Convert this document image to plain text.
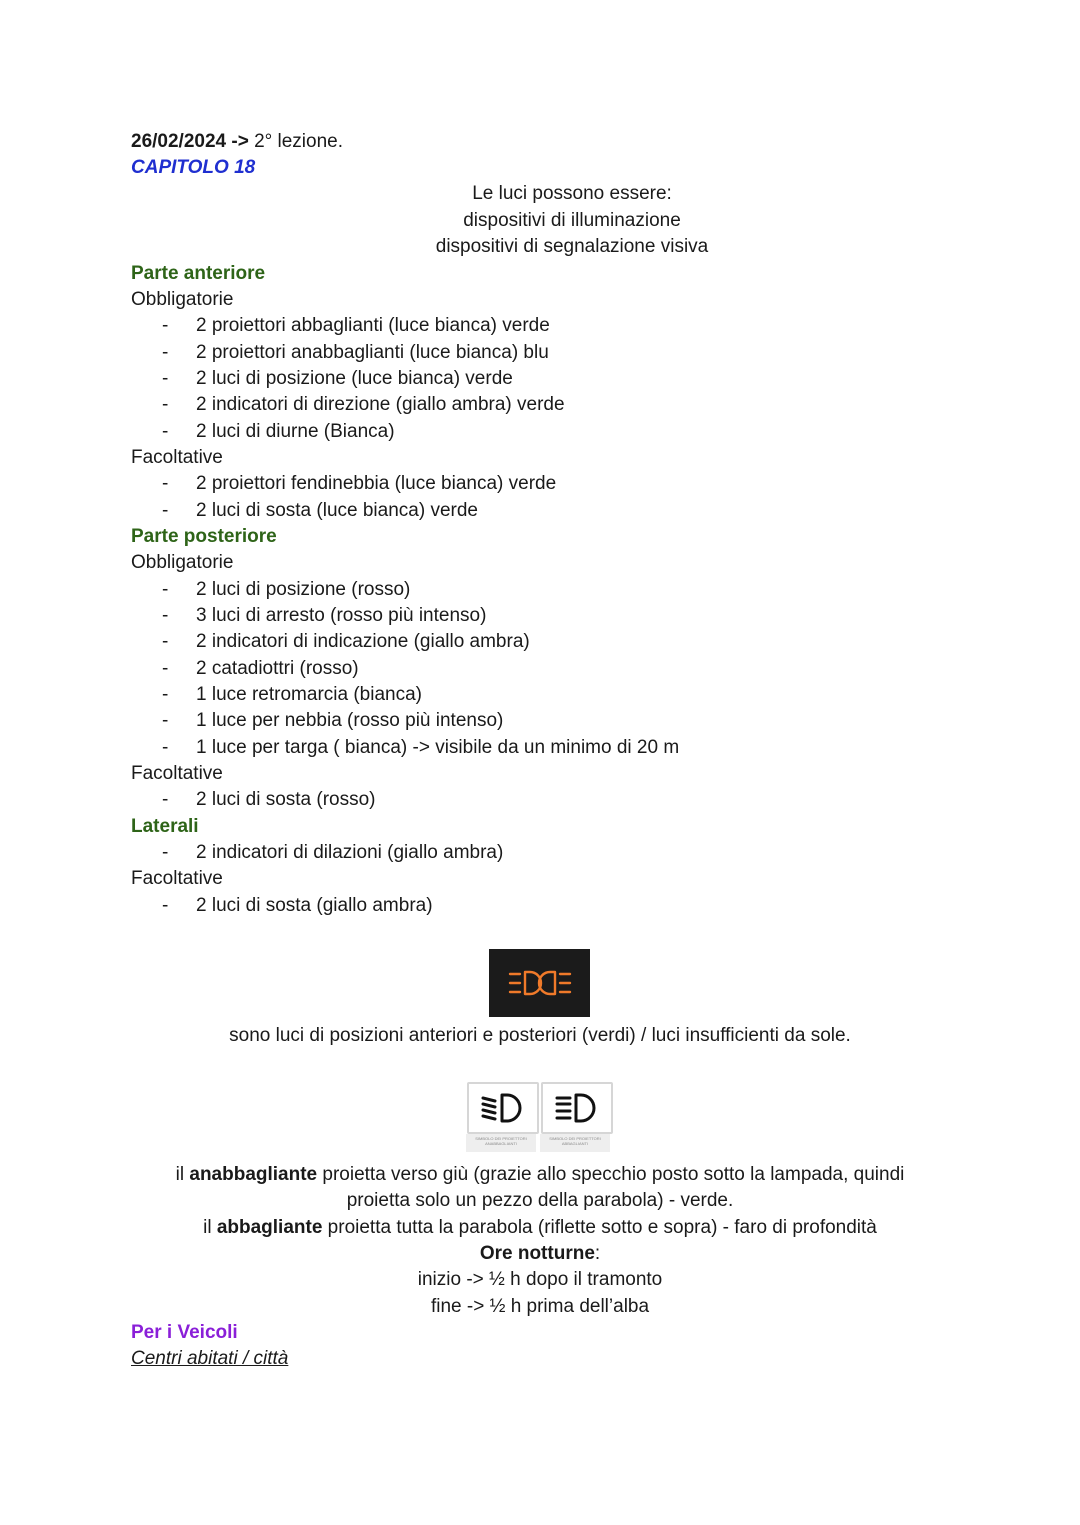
26/02/2024 -> 2° lezione.
CAPITOLO 18
Le luci possono essere:
dispositivi di illuminazione
dispositivi di segnalazione visiva
Parte anteriore
Obbligatorie
- 2 proiettori abbaglianti (luce bianca) verde
- 2 proiettori anabbaglianti (luce bianca) blu
- 2 luci di posizione (luce bianca) verde
- 2 indicatori di direzione (giallo ambra) verde
- 2 luci di diurne (Bianca)
Facoltative
- 2 proiettori fendinebbia (luce bianca) verde
- 2 luci di sosta (luce bianca) verde
Parte posteriore
Obbligatorie
- 2 luci di posizione (rosso)
- 3 luci di arresto (rosso più intenso)
- 2 indicatori di indicazione (giallo ambra)
- 2 catadiottri (rosso)
- 1 luce retromarcia (bianca)
- 1 luce per nebbia (rosso più intenso)
- 1 luce per targa ( bianca) -> visibile da un minimo di 20 m
Facoltative
- 2 luci di sosta (rosso)
Laterali
- 2 indicatori di dilazioni (giallo ambra)
Facoltative
- 2 luci di sosta (giallo ambra)
sono luci di posizioni anteriori e posteriori (verdi) / luci insufficienti da sole.
SIMBOLO DEI PROIETTORI ANABBAGLIANTI
SIMBOLO DEI PROIETTORI ABBAGLIANTI
il anabbagliante proietta verso giù (grazie allo specchio posto sotto la lampada, quindi
proietta solo un pezzo della parabola) - verde.
il abbagliante proietta tutta la parabola (riflette sotto e sopra) - faro di profondità
Ore notturne:
inizio -> ½ h dopo il tramonto
fine -> ½ h prima dell’alba
Per i Veicoli
Centri abitati / città
